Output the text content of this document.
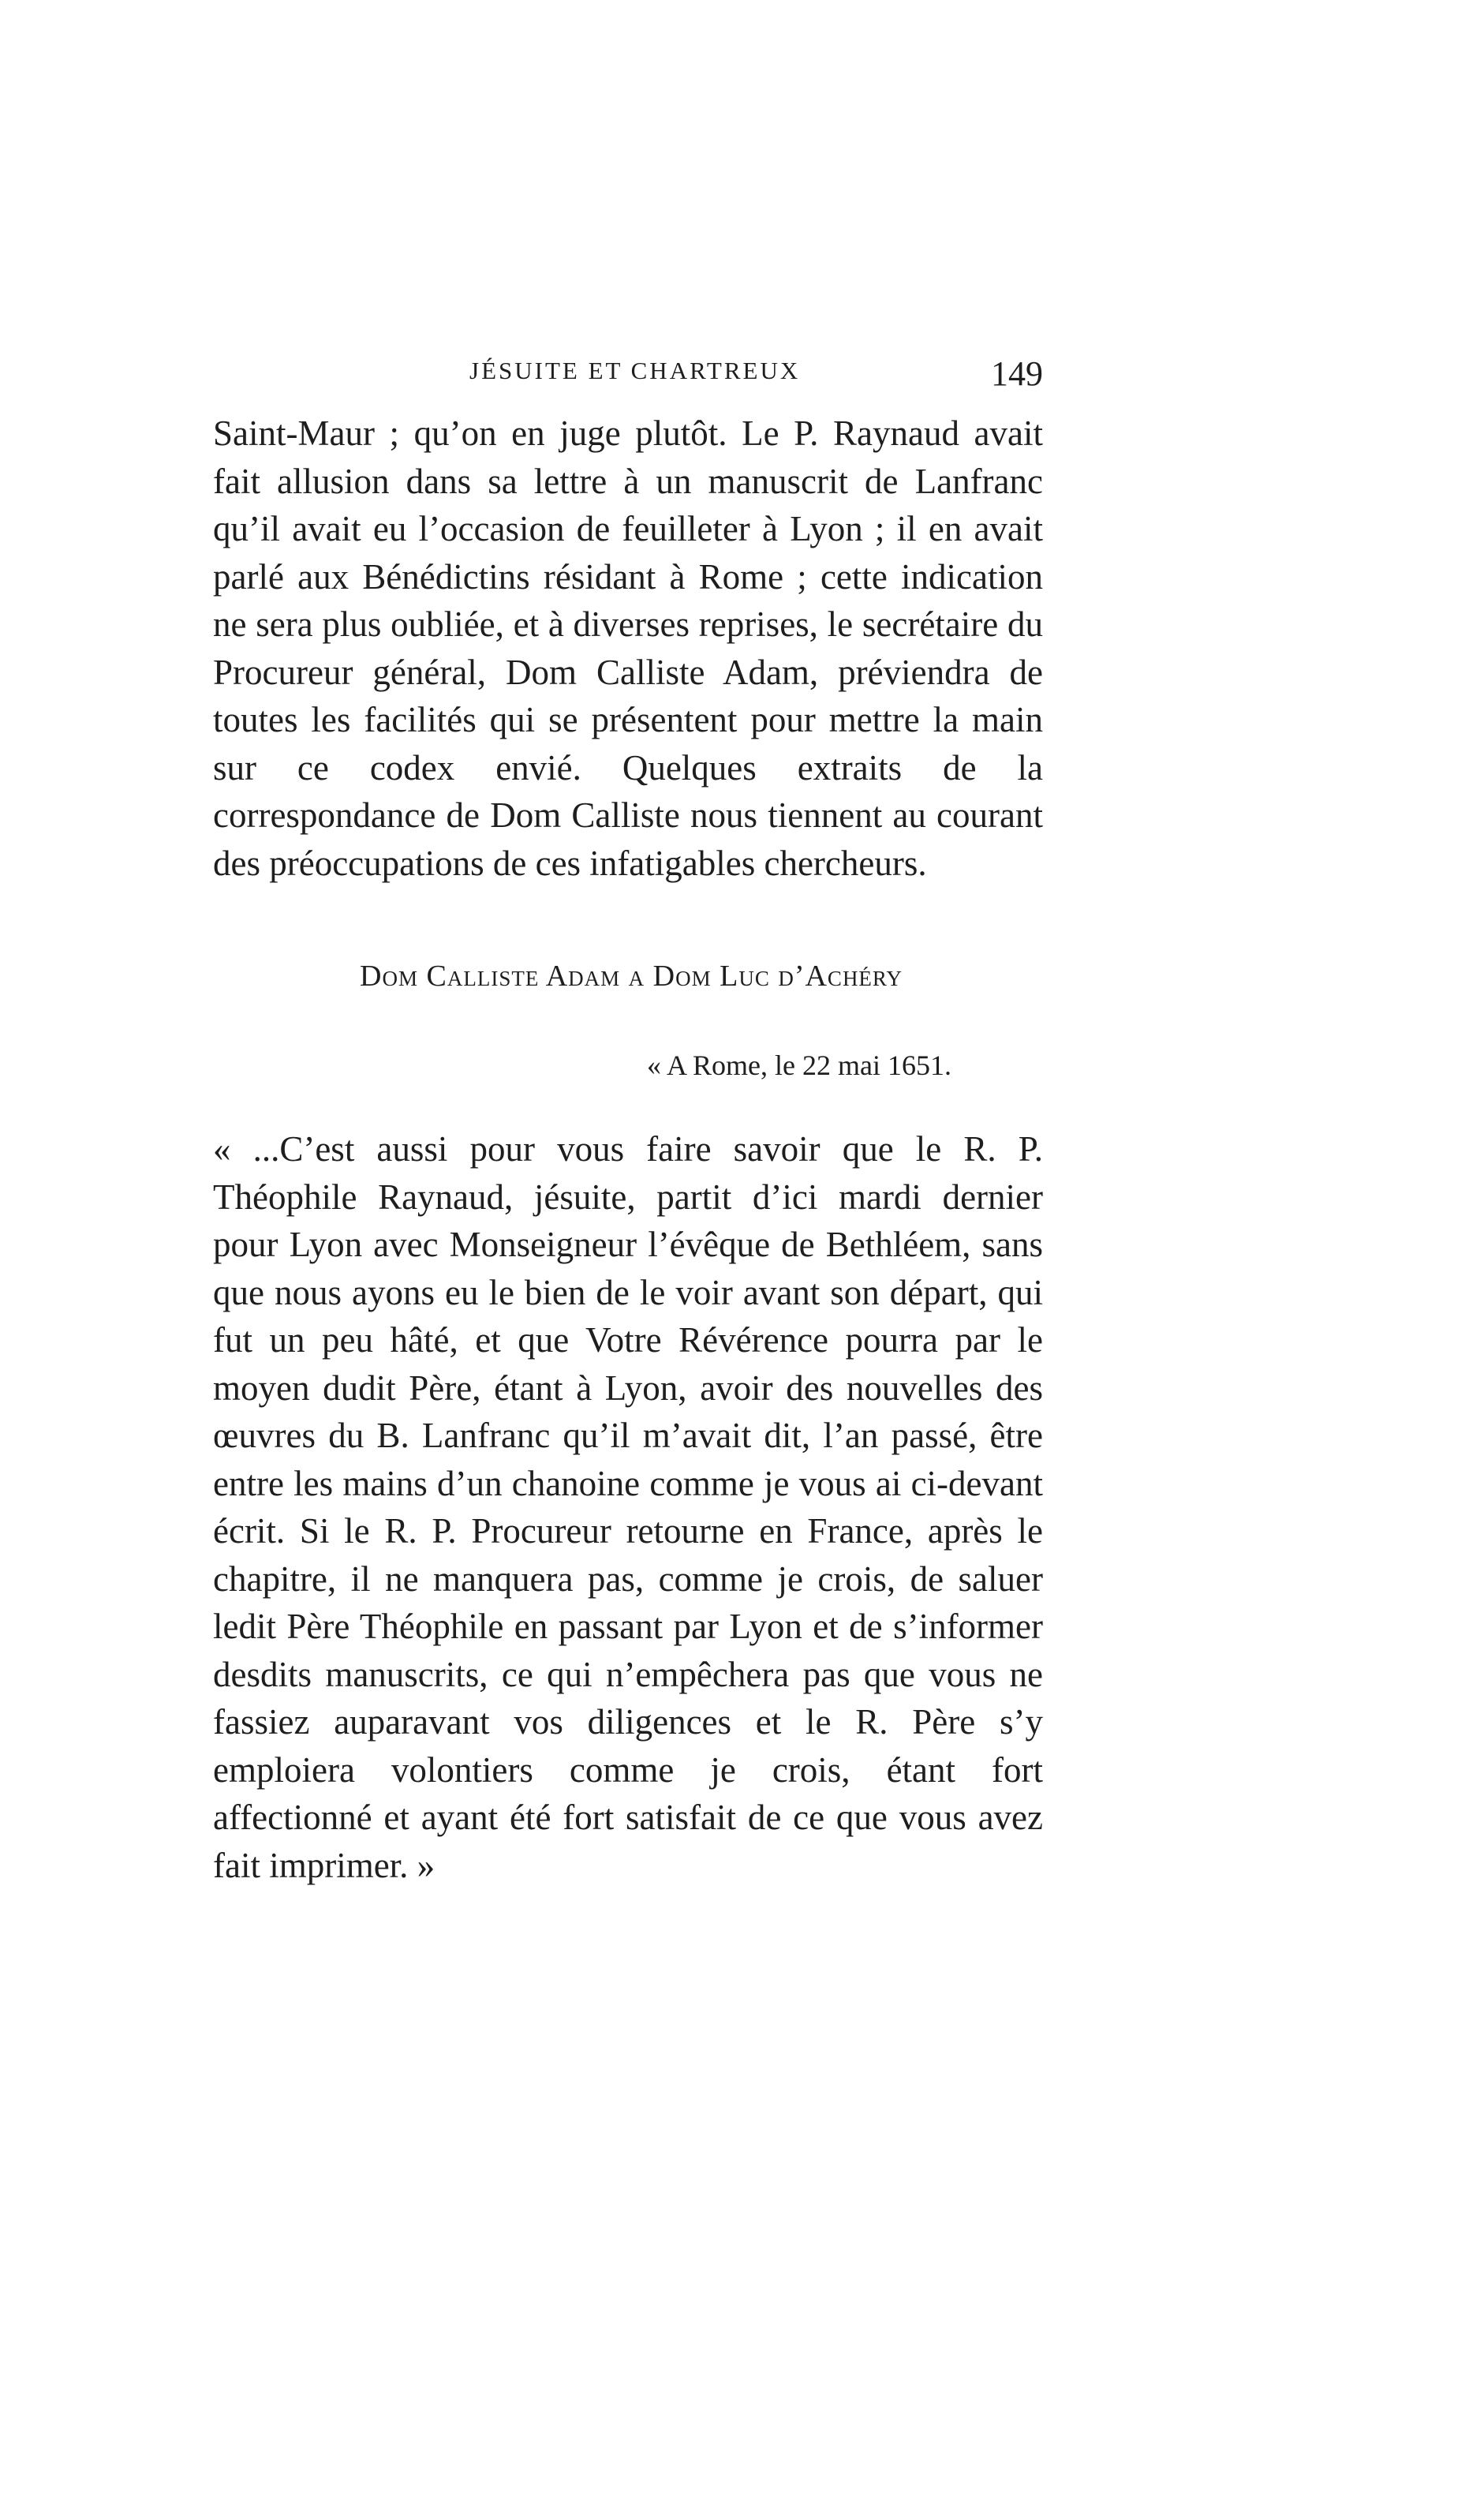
JÉSUITE ET CHARTREUX	149

Saint-Maur ; qu’on en juge plutôt. Le P. Raynaud avait fait allusion dans sa lettre à un manuscrit de Lanfranc qu’il avait eu l’occasion de feuilleter à Lyon ; il en avait parlé aux Bénédictins résidant à Rome ; cette indication ne sera plus oubliée, et à diverses reprises, le secrétaire du Procureur général, Dom Calliste Adam, préviendra de toutes les facilités qui se présentent pour mettre la main sur ce codex envié. Quelques extraits de la correspondance de Dom Calliste nous tiennent au courant des préoccupations de ces infatigables chercheurs.

Dom Calliste Adam a Dom Luc d’Achéry
« A Rome, le 22 mai 1651.

« ...C’est aussi pour vous faire savoir que le R. P. Théophile Raynaud, jésuite, partit d’ici mardi dernier pour Lyon avec Monseigneur l’évêque de Bethléem, sans que nous ayons eu le bien de le voir avant son départ, qui fut un peu hâté, et que Votre Révérence pourra par le moyen dudit Père, étant à Lyon, avoir des nouvelles des œuvres du B. Lanfranc qu’il m’avait dit, l’an passé, être entre les mains d’un chanoine comme je vous ai ci-devant écrit. Si le R. P. Procureur retourne en France, après le chapitre, il ne manquera pas, comme je crois, de saluer ledit Père Théophile en passant par Lyon et de s’informer desdits manuscrits, ce qui n’empêchera pas que vous ne fassiez auparavant vos diligences et le R. Père s’y emploiera volontiers comme je crois, étant fort affectionné et ayant été fort satisfait de ce que vous avez fait imprimer. »
